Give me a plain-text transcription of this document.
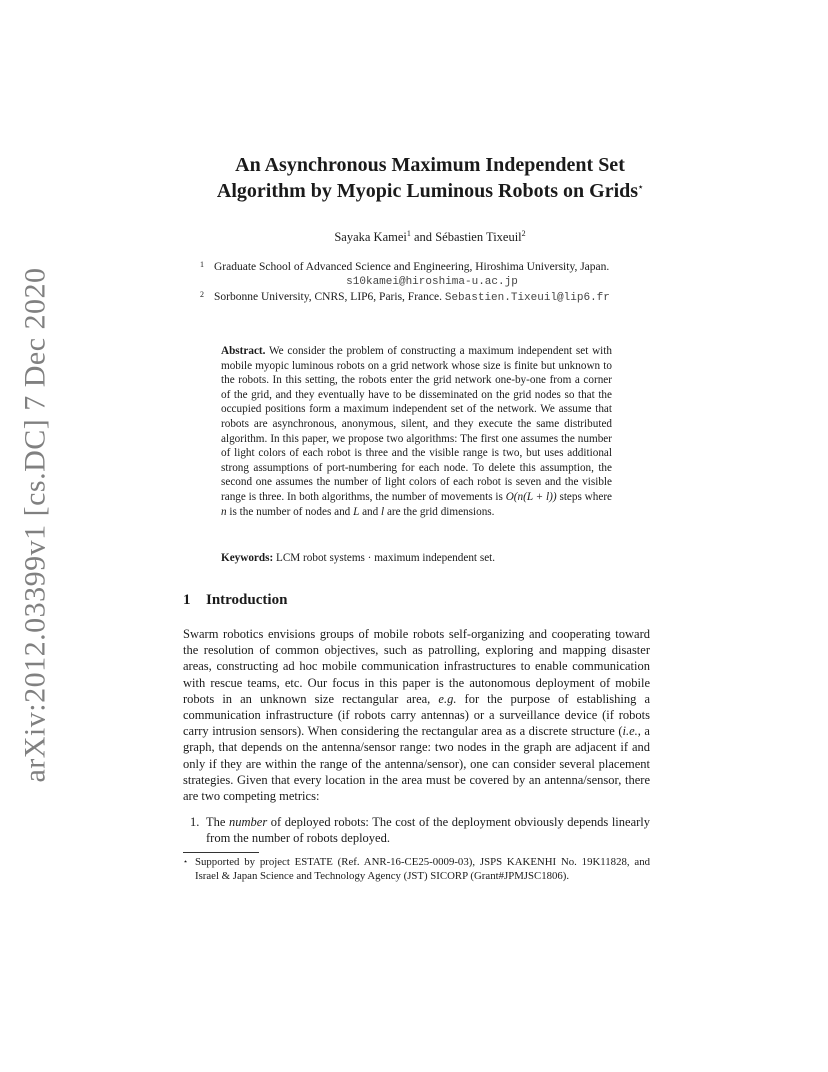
arXiv:2012.03399v1 [cs.DC] 7 Dec 2020
An Asynchronous Maximum Independent Set
Algorithm by Myopic Luminous Robots on Grids⋆
Sayaka Kamei$^1$ and Sébastien Tixeuil$^2$
1 Graduate School of Advanced Science and Engineering, Hiroshima University, Japan.
s10kamei@hiroshima-u.ac.jp
2 Sorbonne University, CNRS, LIP6, Paris, France. Sebastien.Tixeuil@lip6.fr
Abstract. We consider the problem of constructing a maximum independent set with mobile myopic luminous robots on a grid network whose size is finite but unknown to the robots. In this setting, the robots enter the grid network one-by-one from a corner of the grid, and they eventually have to be disseminated on the grid nodes so that the occupied positions form a maximum independent set of the network. We assume that robots are asynchronous, anonymous, silent, and they execute the same distributed algorithm. In this paper, we propose two algorithms: The first one assumes the number of light colors of each robot is three and the visible range is two, but uses additional strong assumptions of port-numbering for each node. To delete this assumption, the second one assumes the number of light colors of each robot is seven and the visible range is three. In both algorithms, the number of movements is O(n(L + l)) steps where n is the number of nodes and L and l are the grid dimensions.
Keywords: LCM robot systems · maximum independent set.
1 Introduction
Swarm robotics envisions groups of mobile robots self-organizing and cooperating toward the resolution of common objectives, such as patrolling, exploring and mapping disaster areas, constructing ad hoc mobile communication infrastructures to enable communication with rescue teams, etc. Our focus in this paper is the autonomous deployment of mobile robots in an unknown size rectangular area, e.g. for the purpose of establishing a communication infrastructure (if robots carry antennas) or a surveillance device (if robots carry intrusion sensors). When considering the rectangular area as a discrete structure (i.e., a graph, that depends on the antenna/sensor range: two nodes in the graph are adjacent if and only if they are within the range of the antenna/sensor), one can consider several placement strategies. Given that every location in the area must be covered by an antenna/sensor, there are two competing metrics:
1. The number of deployed robots: The cost of the deployment obviously depends linearly from the number of robots deployed.
⋆ Supported by project ESTATE (Ref. ANR-16-CE25-0009-03), JSPS KAKENHI No. 19K11828, and Israel & Japan Science and Technology Agency (JST) SICORP (Grant#JPMJSC1806).
